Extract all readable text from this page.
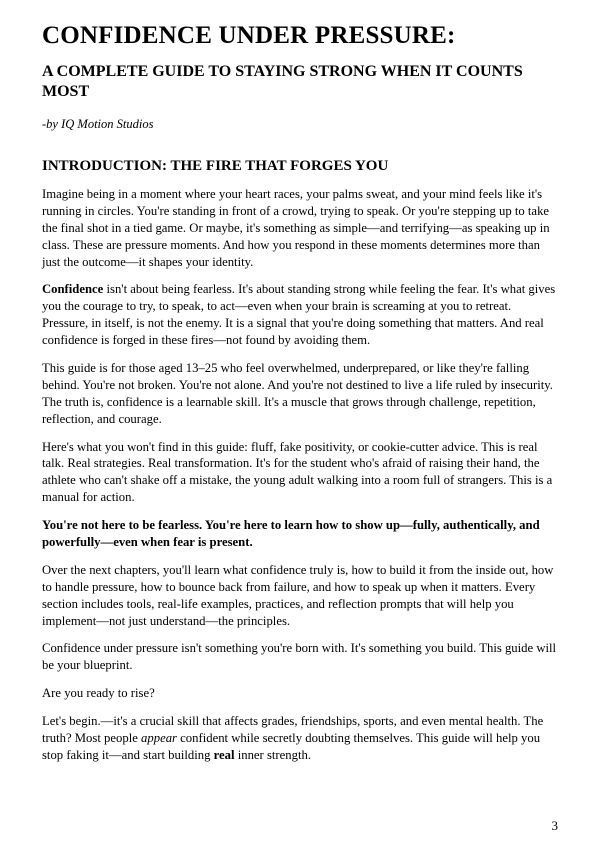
CONFIDENCE UNDER PRESSURE:
A COMPLETE GUIDE TO STAYING STRONG WHEN IT COUNTS MOST
-by IQ Motion Studios
INTRODUCTION: THE FIRE THAT FORGES YOU

Imagine being in a moment where your heart races, your palms sweat, and your mind feels like it's running in circles. You're standing in front of a crowd, trying to speak. Or you're stepping up to take the final shot in a tied game. Or maybe, it's something as simple—and terrifying—as speaking up in class. These are pressure moments. And how you respond in these moments determines more than just the outcome—it shapes your identity.

Confidence isn't about being fearless. It's about standing strong while feeling the fear. It's what gives you the courage to try, to speak, to act—even when your brain is screaming at you to retreat. Pressure, in itself, is not the enemy. It is a signal that you're doing something that matters. And real confidence is forged in these fires—not found by avoiding them.

This guide is for those aged 13–25 who feel overwhelmed, underprepared, or like they're falling behind. You're not broken. You're not alone. And you're not destined to live a life ruled by insecurity. The truth is, confidence is a learnable skill. It's a muscle that grows through challenge, repetition, reflection, and courage.

Here's what you won't find in this guide: fluff, fake positivity, or cookie-cutter advice. This is real talk. Real strategies. Real transformation. It's for the student who's afraid of raising their hand, the athlete who can't shake off a mistake, the young adult walking into a room full of strangers. This is a manual for action.

You're not here to be fearless. You're here to learn how to show up—fully, authentically, and powerfully—even when fear is present.

Over the next chapters, you'll learn what confidence truly is, how to build it from the inside out, how to handle pressure, how to bounce back from failure, and how to speak up when it matters. Every section includes tools, real-life examples, practices, and reflection prompts that will help you implement—not just understand—the principles.

Confidence under pressure isn't something you're born with. It's something you build. This guide will be your blueprint.

Are you ready to rise?

Let's begin.—it's a crucial skill that affects grades, friendships, sports, and even mental health. The truth? Most people appear confident while secretly doubting themselves. This guide will help you stop faking it—and start building real inner strength.

3
